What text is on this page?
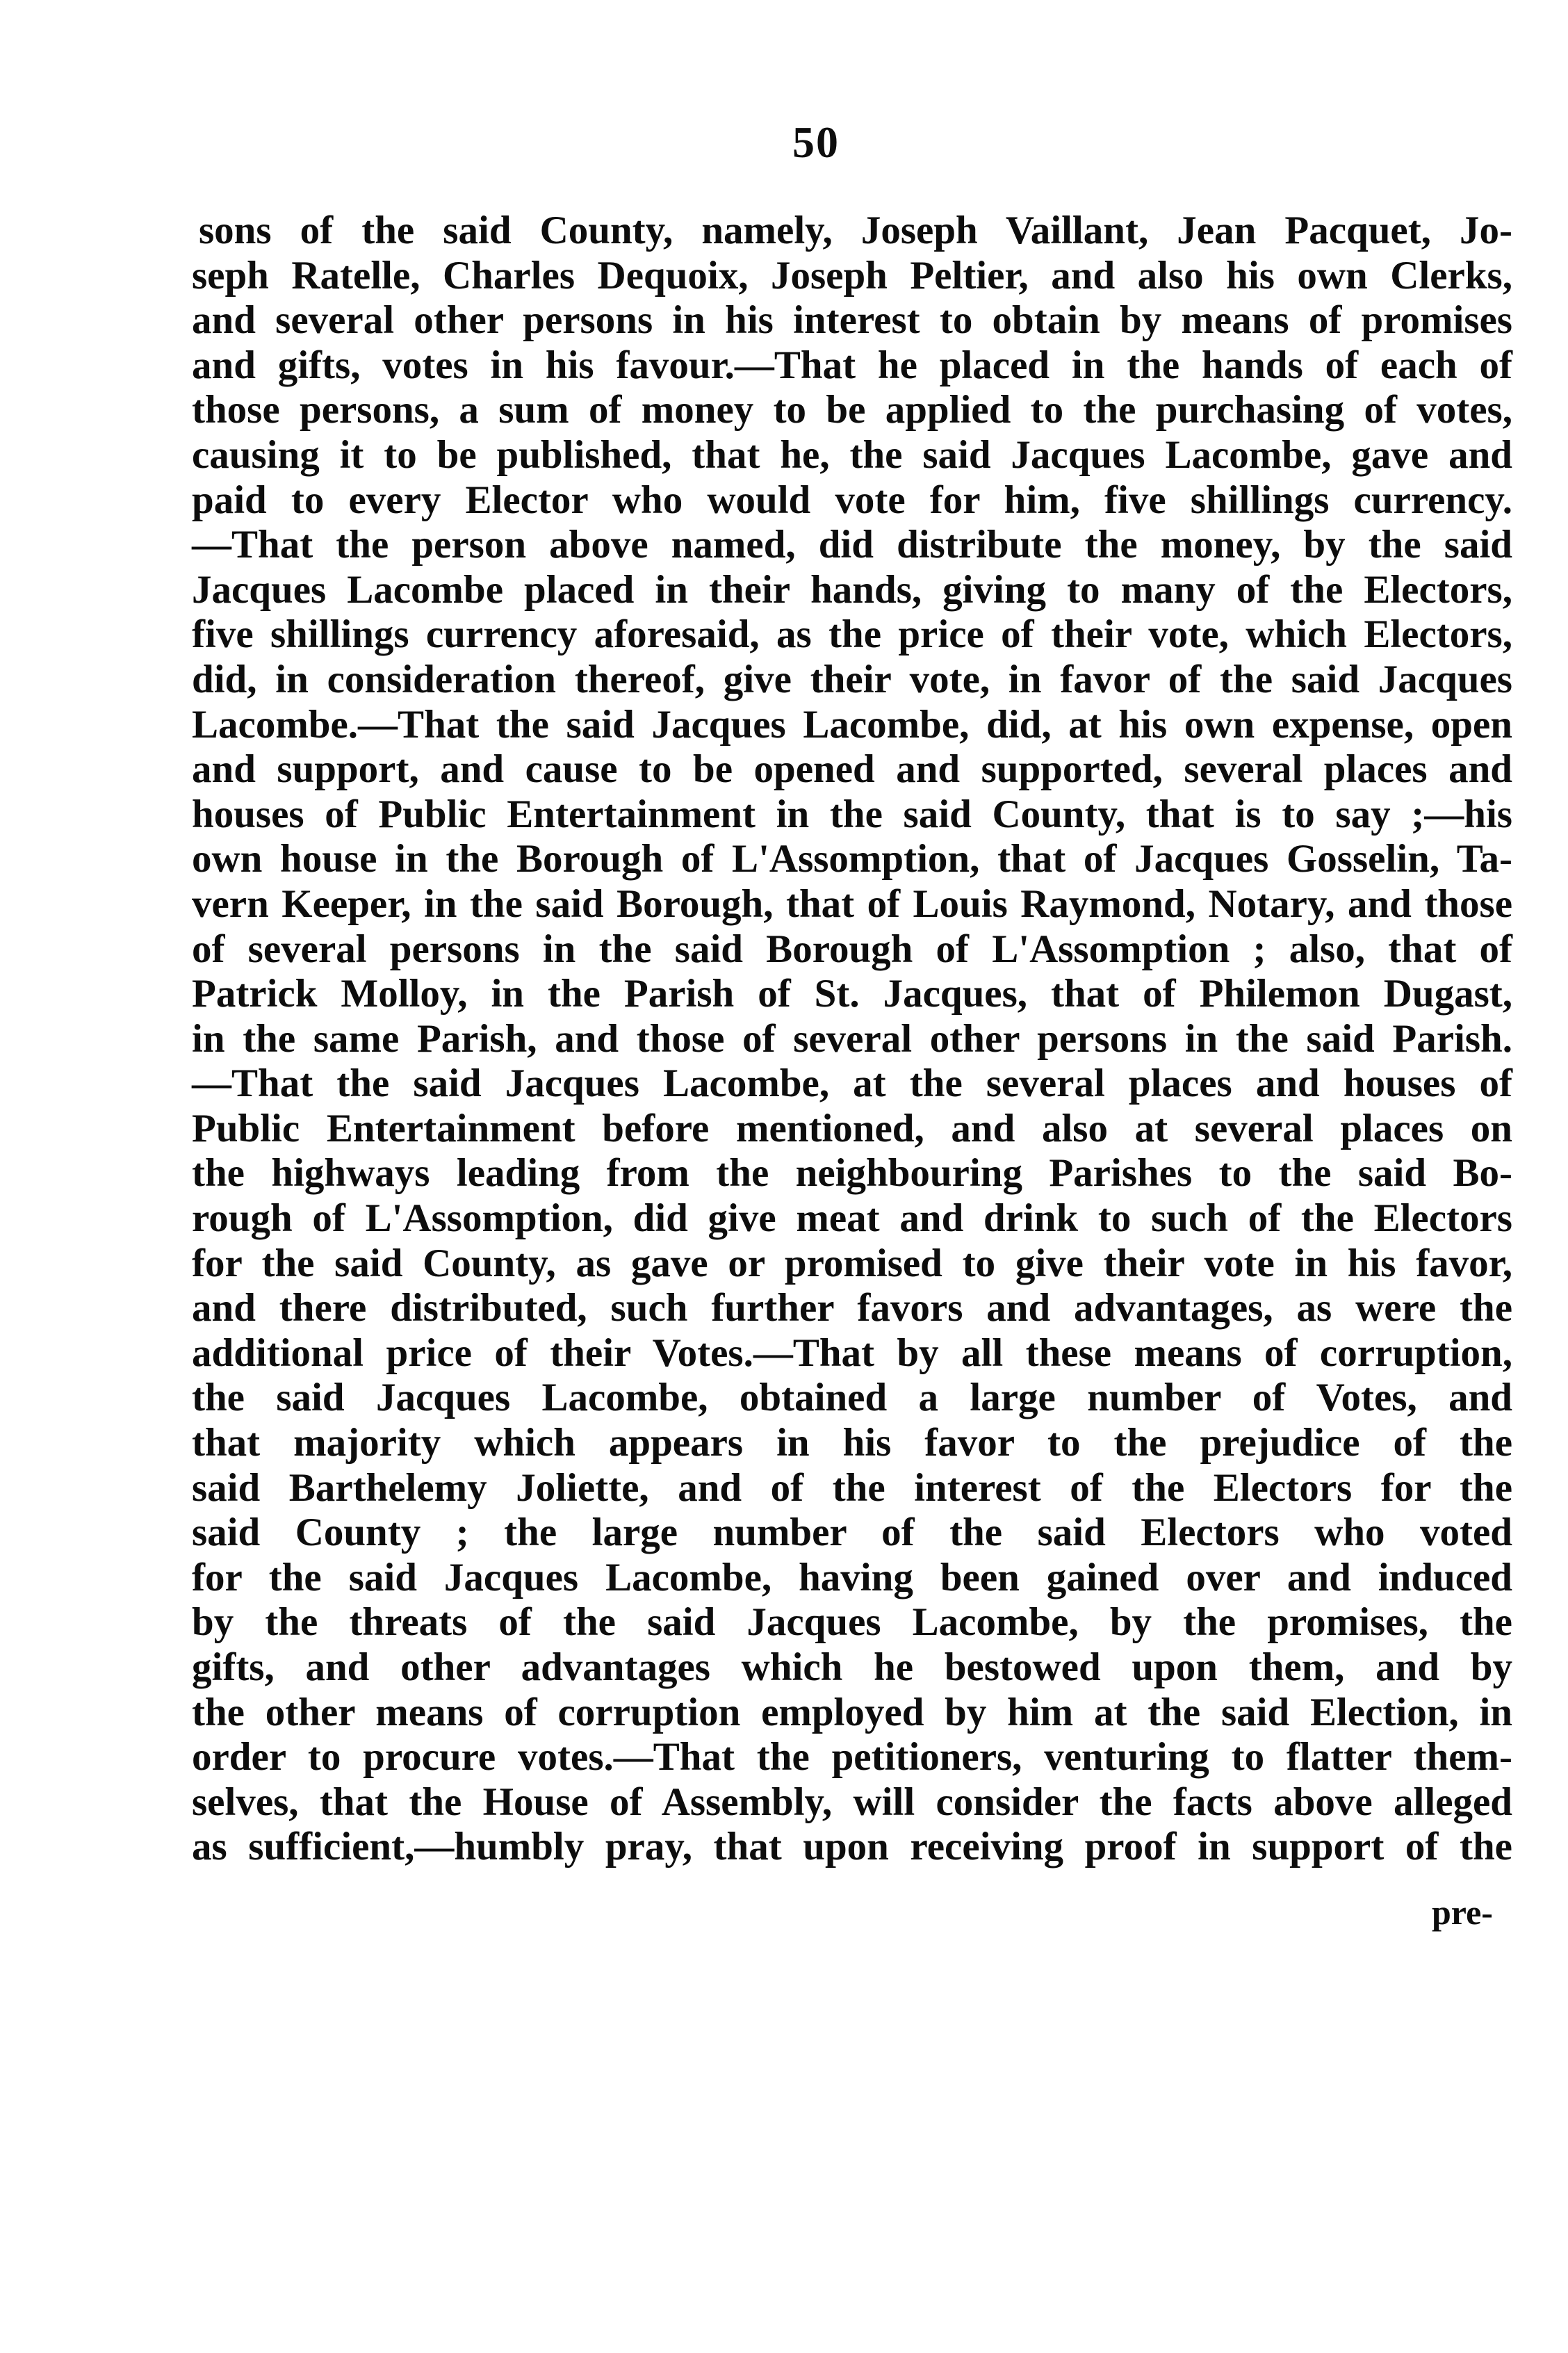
50
sons of the said County, namely, Joseph Vaillant, Jean Pacquet, Jo-
seph Ratelle, Charles Dequoix, Joseph Peltier, and also his own Clerks,
and several other persons in his interest to obtain by means of promises
and gifts, votes in his favour.—That he placed in the hands of each of
those persons, a sum of money to be applied to the purchasing of votes,
causing it to be published, that he, the said Jacques Lacombe, gave and
paid to every Elector who would vote for him, five shillings currency.
—That the person above named, did distribute the money, by the said
Jacques Lacombe placed in their hands, giving to many of the Electors,
five shillings currency aforesaid, as the price of their vote, which Electors,
did, in consideration thereof, give their vote, in favor of the said Jacques
Lacombe.—That the said Jacques Lacombe, did, at his own expense, open
and support, and cause to be opened and supported, several places and
houses of Public Entertainment in the said County, that is to say ;—his
own house in the Borough of L'Assomption, that of Jacques Gosselin, Ta-
vern Keeper, in the said Borough, that of Louis Raymond, Notary, and those
of several persons in the said Borough of L'Assomption ; also, that of
Patrick Molloy, in the Parish of St. Jacques, that of Philemon Dugast,
in the same Parish, and those of several other persons in the said Parish.
—That the said Jacques Lacombe, at the several places and houses of
Public Entertainment before mentioned, and also at several places on
the highways leading from the neighbouring Parishes to the said Bo-
rough of L'Assomption, did give meat and drink to such of the Electors
for the said County, as gave or promised to give their vote in his favor,
and there distributed, such further favors and advantages, as were the
additional price of their Votes.—That by all these means of corruption,
the said Jacques Lacombe, obtained a large number of Votes, and
that majority which appears in his favor to the prejudice of the
said Barthelemy Joliette, and of the interest of the Electors for the
said County ; the large number of the said Electors who voted
for the said Jacques Lacombe, having been gained over and induced
by the threats of the said Jacques Lacombe, by the promises, the
gifts, and other advantages which he bestowed upon them, and by
the other means of corruption employed by him at the said Election, in
order to procure votes.—That the petitioners, venturing to flatter them-
selves, that the House of Assembly, will consider the facts above alleged
as sufficient,—humbly pray, that upon receiving proof in support of the
pre-
